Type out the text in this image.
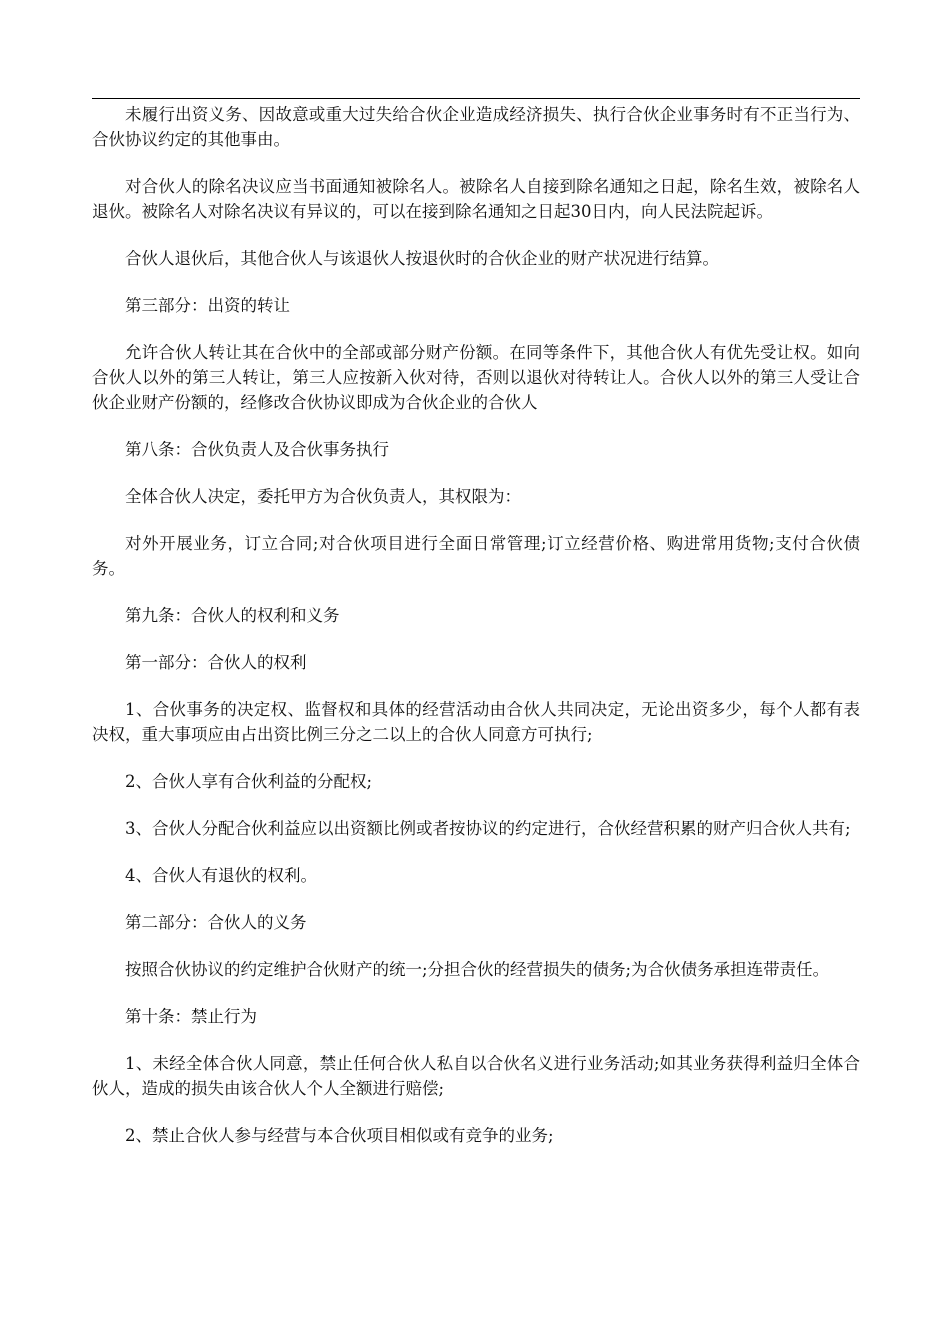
未履行出资义务、因故意或重大过失给合伙企业造成经济损失、执行合伙企业事务时有不正当行为、合伙协议约定的其他事由。

对合伙人的除名决议应当书面通知被除名人。被除名人自接到除名通知之日起，除名生效，被除名人退伙。被除名人对除名决议有异议的，可以在接到除名通知之日起30日内，向人民法院起诉。

合伙人退伙后，其他合伙人与该退伙人按退伙时的合伙企业的财产状况进行结算。

第三部分：出资的转让

允许合伙人转让其在合伙中的全部或部分财产份额。在同等条件下，其他合伙人有优先受让权。如向合伙人以外的第三人转让，第三人应按新入伙对待，否则以退伙对待转让人。合伙人以外的第三人受让合伙企业财产份额的，经修改合伙协议即成为合伙企业的合伙人

第八条：合伙负责人及合伙事务执行

全体合伙人决定，委托甲方为合伙负责人，其权限为：

对外开展业务，订立合同;对合伙项目进行全面日常管理;订立经营价格、购进常用货物;支付合伙债务。

第九条：合伙人的权利和义务

第一部分：合伙人的权利

1、合伙事务的决定权、监督权和具体的经营活动由合伙人共同决定，无论出资多少，每个人都有表决权，重大事项应由占出资比例三分之二以上的合伙人同意方可执行;

2、合伙人享有合伙利益的分配权;

3、合伙人分配合伙利益应以出资额比例或者按协议的约定进行，合伙经营积累的财产归合伙人共有;

4、合伙人有退伙的权利。

第二部分：合伙人的义务

按照合伙协议的约定维护合伙财产的统一;分担合伙的经营损失的债务;为合伙债务承担连带责任。

第十条：禁止行为

1、未经全体合伙人同意，禁止任何合伙人私自以合伙名义进行业务活动;如其业务获得利益归全体合伙人，造成的损失由该合伙人个人全额进行赔偿;

2、禁止合伙人参与经营与本合伙项目相似或有竞争的业务;
